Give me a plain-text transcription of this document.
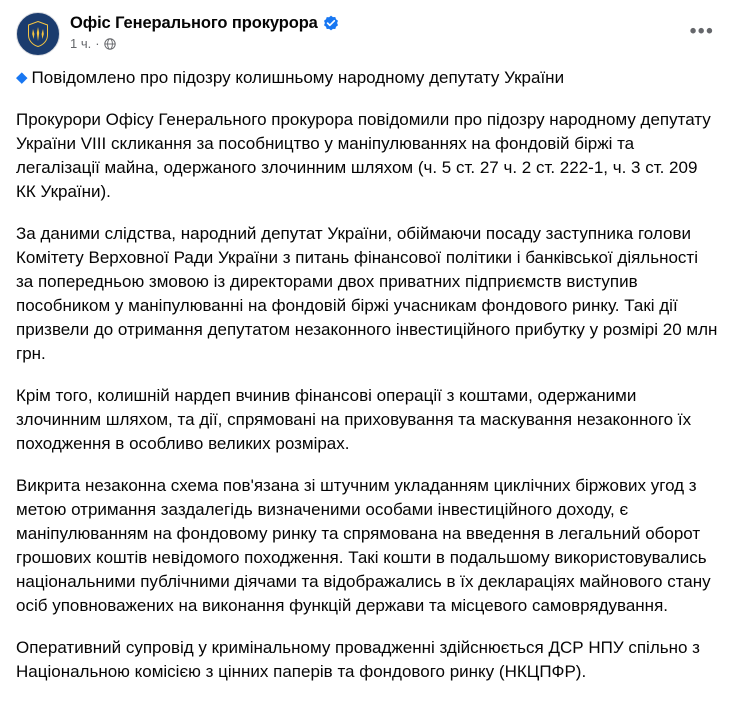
Офіс Генерального прокурора
1 ч. ·
•••

◆ Повідомлено про підозру колишньому народному депутату України

Прокурори Офісу Генерального прокурора повідомили про підозру народному депутату України VIII скликання за пособництво у маніпулюваннях на фондовій біржі та легалізації майна, одержаного злочинним шляхом (ч. 5 ст. 27 ч. 2 ст. 222-1, ч. 3 ст. 209 КК України).

За даними слідства, народний депутат України, обіймаючи посаду заступника голови Комітету Верховної Ради України з питань фінансової політики і банківської діяльності за попередньою змовою із директорами двох приватних підприємств виступив пособником у маніпулюванні на фондовій біржі учасникам фондового ринку. Такі дії призвели до отримання депутатом незаконного інвестиційного прибутку у розмірі 20 млн грн.

Крім того, колишній нардеп вчинив фінансові операції з коштами, одержаними злочинним шляхом, та дії, спрямовані на приховування та маскування незаконного їх походження в особливо великих розмірах.

Викрита незаконна схема пов'язана зі штучним укладанням циклічних біржових угод з метою отримання заздалегідь визначеними особами інвестиційного доходу, є маніпулюванням на фондовому ринку та спрямована на введення в легальний оборот грошових коштів невідомого походження. Такі кошти в подальшому використовувались національними публічними діячами та відображались в їх деклараціях майнового стану осіб уповноважених на виконання функцій держави та місцевого самоврядування.

Оперативний супровід у кримінальному провадженні здійснюється ДСР НПУ спільно з Національною комісією з цінних паперів та фондового ринку (НКЦПФР).
